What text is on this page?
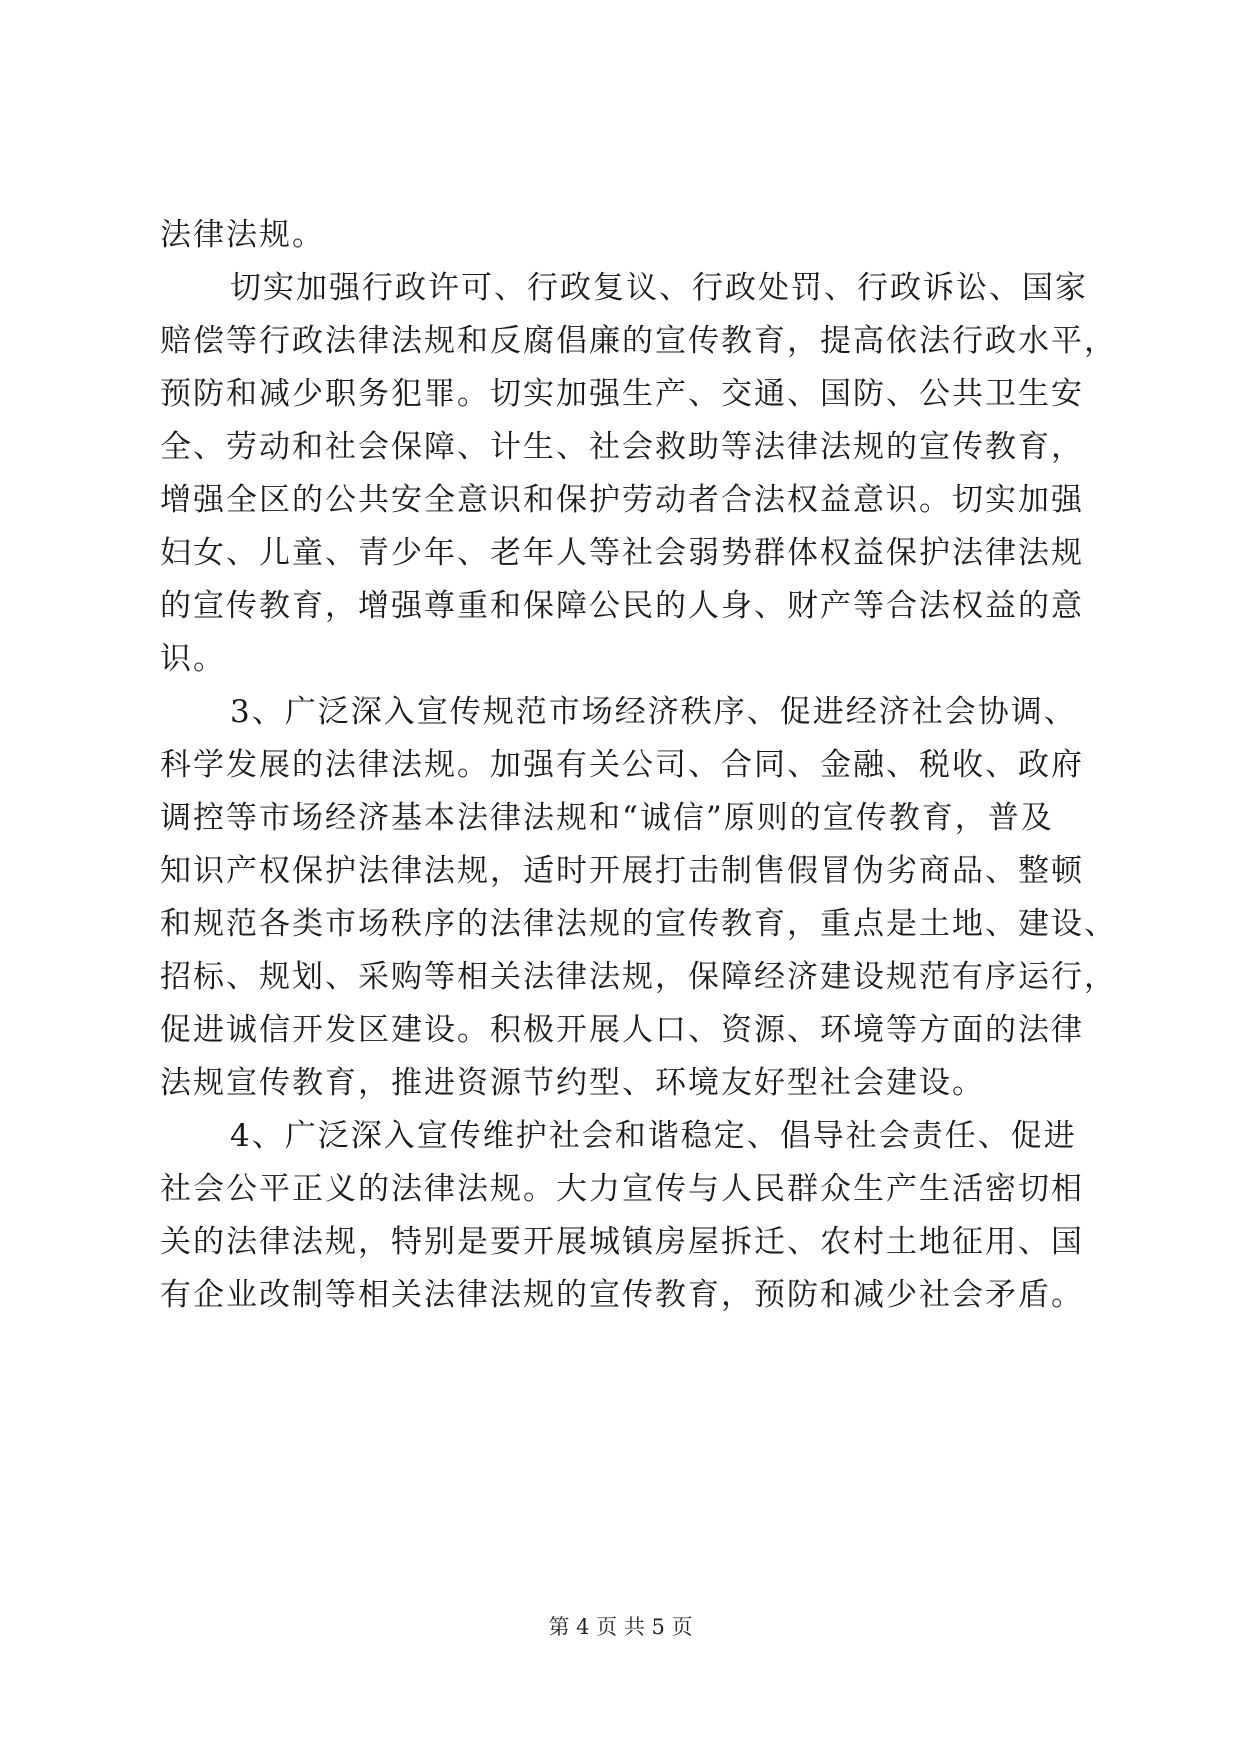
法律法规。
切实加强行政许可、行政复议、行政处罚、行政诉讼、国家
赔偿等行政法律法规和反腐倡廉的宣传教育，提高依法行政水平，
预防和减少职务犯罪。切实加强生产、交通、国防、公共卫生安
全、劳动和社会保障、计生、社会救助等法律法规的宣传教育，
增强全区的公共安全意识和保护劳动者合法权益意识。切实加强
妇女、儿童、青少年、老年人等社会弱势群体权益保护法律法规
的宣传教育，增强尊重和保障公民的人身、财产等合法权益的意
识。
3、广泛深入宣传规范市场经济秩序、促进经济社会协调、
科学发展的法律法规。加强有关公司、合同、金融、税收、政府
调控等市场经济基本法律法规和“诚信”原则的宣传教育，普及
知识产权保护法律法规，适时开展打击制售假冒伪劣商品、整顿
和规范各类市场秩序的法律法规的宣传教育，重点是土地、建设、
招标、规划、采购等相关法律法规，保障经济建设规范有序运行，
促进诚信开发区建设。积极开展人口、资源、环境等方面的法律
法规宣传教育，推进资源节约型、环境友好型社会建设。
4、广泛深入宣传维护社会和谐稳定、倡导社会责任、促进
社会公平正义的法律法规。大力宣传与人民群众生产生活密切相
关的法律法规，特别是要开展城镇房屋拆迁、农村土地征用、国
有企业改制等相关法律法规的宣传教育，预防和减少社会矛盾。
第 4 页 共 5 页
